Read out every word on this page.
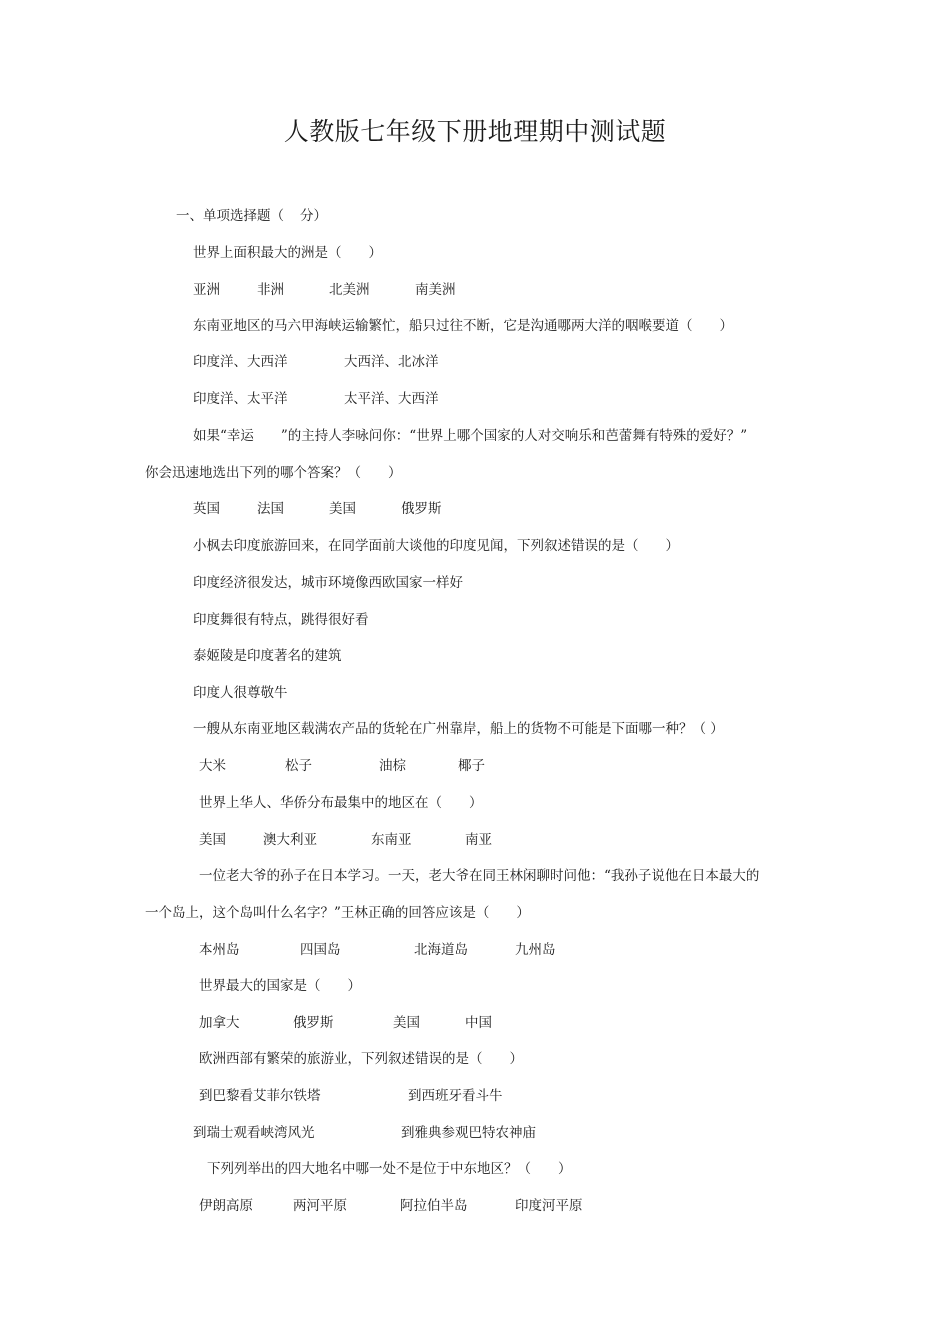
人教版七年级下册地理期中测试题
一、单项选择题（ 分）
世界上面积最大的洲是（　　）
亚洲	非洲	北美洲	南美洲
东南亚地区的马六甲海峡运输繁忙，船只过往不断，它是沟通哪两大洋的咽喉要道（　　）
印度洋、大西洋	大西洋、北冰洋
印度洋、太平洋	太平洋、大西洋
如果“幸运　　”的主持人李咏问你：“世界上哪个国家的人对交响乐和芭蕾舞有特殊的爱好？”
你会迅速地选出下列的哪个答案？（　　）
英国	法国	美国	俄罗斯
小枫去印度旅游回来，在同学面前大谈他的印度见闻，下列叙述错误的是（　　）
印度经济很发达，城市环境像西欧国家一样好
印度舞很有特点，跳得很好看
泰姬陵是印度著名的建筑
印度人很尊敬牛
一艘从东南亚地区载满农产品的货轮在广州靠岸，船上的货物不可能是下面哪一种？（ ）
大米	松子	油棕	椰子
世界上华人、华侨分布最集中的地区在（　　）
美国	澳大利亚	东南亚	南亚
一位老大爷的孙子在日本学习。一天，老大爷在同王林闲聊时问他：“我孙子说他在日本最大的
一个岛上，这个岛叫什么名字？”王林正确的回答应该是（　　）
本州岛	四国岛	北海道岛	九州岛
世界最大的国家是（　　）
加拿大	俄罗斯	美国	中国
欧洲西部有繁荣的旅游业，下列叙述错误的是（　　）
到巴黎看艾菲尔铁塔	到西班牙看斗牛
到瑞士观看峡湾风光	到雅典参观巴特农神庙
下列列举出的四大地名中哪一处不是位于中东地区？（　　）
伊朗高原	两河平原	阿拉伯半岛	印度河平原
